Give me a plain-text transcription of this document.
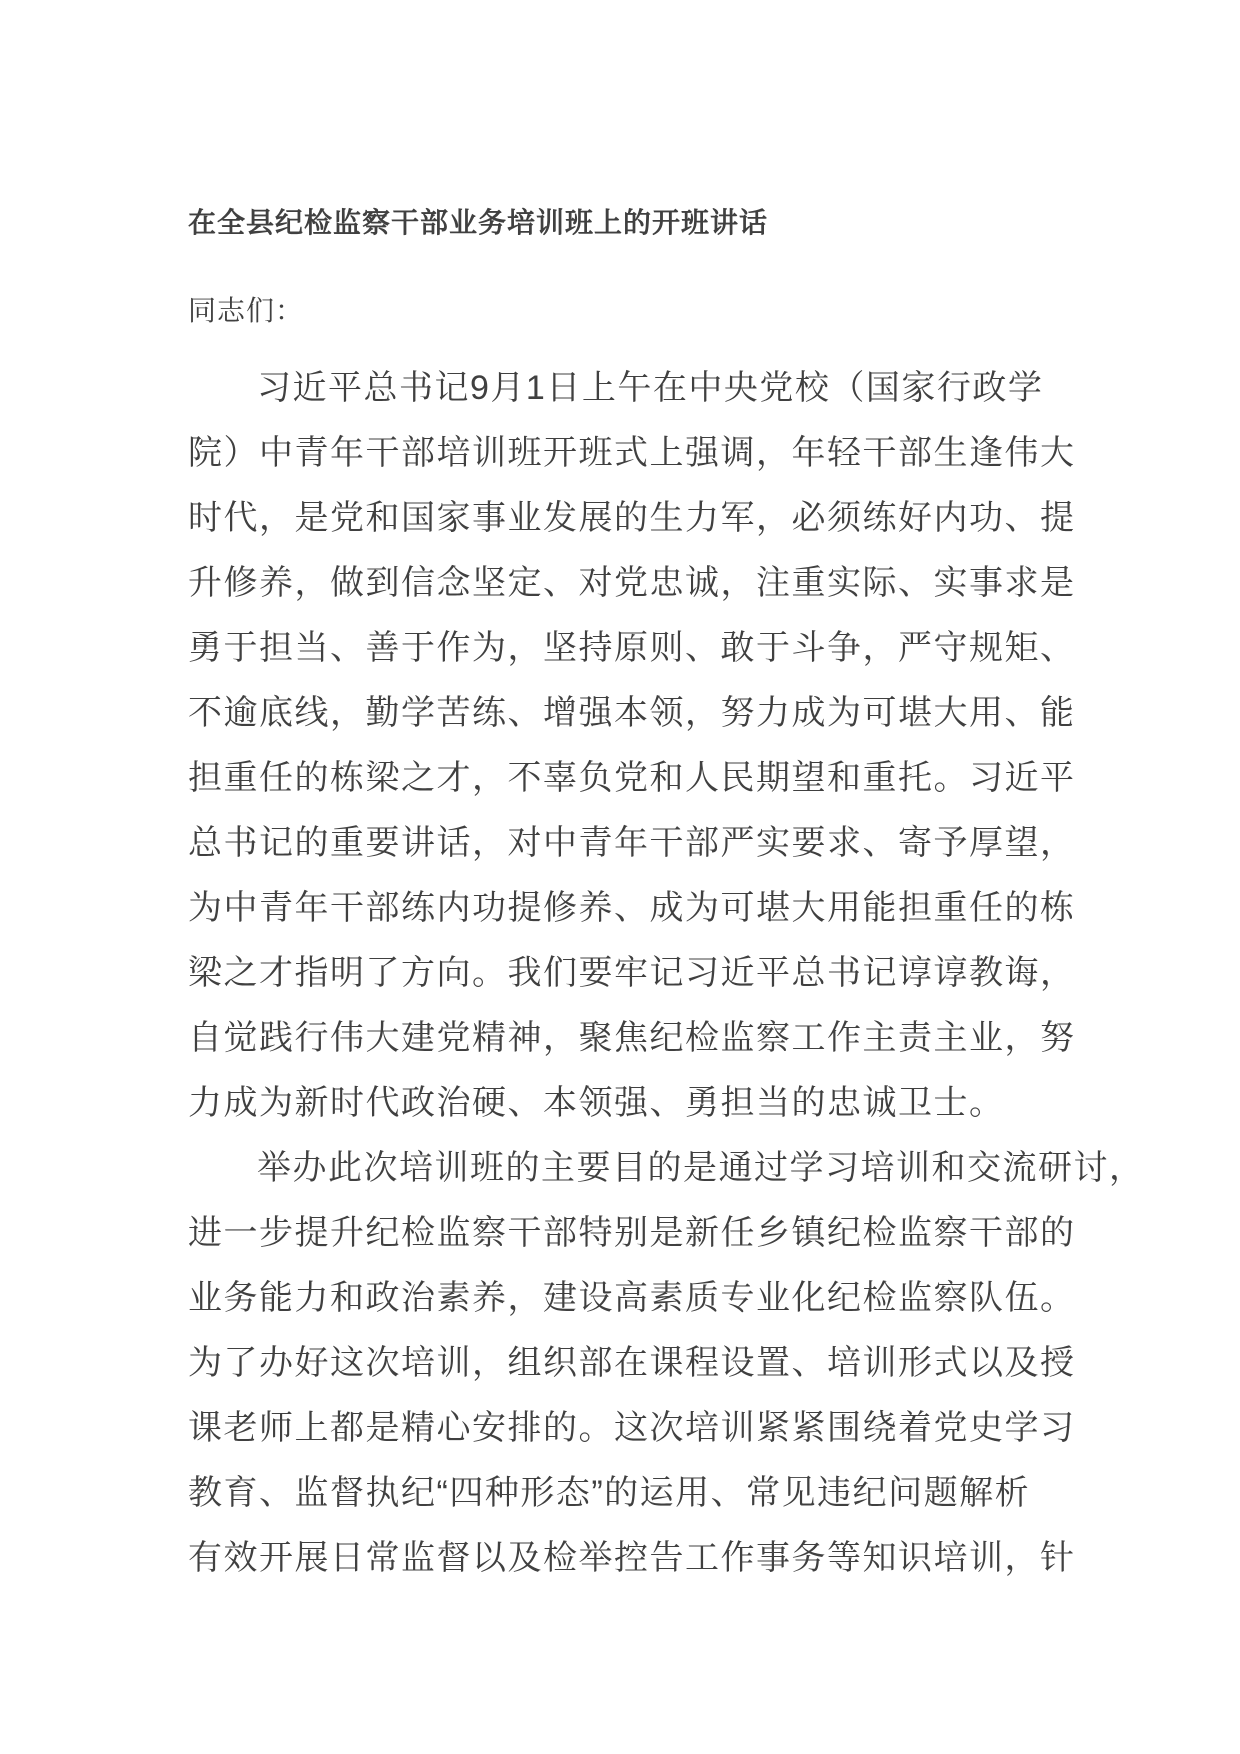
在全县纪检监察干部业务培训班上的开班讲话
同志们：
习近平总书记9月1日上午在中央党校（国家行政学
院）中青年干部培训班开班式上强调，年轻干部生逢伟大
时代，是党和国家事业发展的生力军，必须练好内功、提
升修养，做到信念坚定、对党忠诚，注重实际、实事求是
勇于担当、善于作为，坚持原则、敢于斗争，严守规矩、
不逾底线，勤学苦练、增强本领，努力成为可堪大用、能
担重任的栋梁之才，不辜负党和人民期望和重托。习近平
总书记的重要讲话，对中青年干部严实要求、寄予厚望，
为中青年干部练内功提修养、成为可堪大用能担重任的栋
梁之才指明了方向。我们要牢记习近平总书记谆谆教诲，
自觉践行伟大建党精神，聚焦纪检监察工作主责主业，努
力成为新时代政治硬、本领强、勇担当的忠诚卫士。
举办此次培训班的主要目的是通过学习培训和交流研讨，
进一步提升纪检监察干部特别是新任乡镇纪检监察干部的
业务能力和政治素养，建设高素质专业化纪检监察队伍。
为了办好这次培训，组织部在课程设置、培训形式以及授
课老师上都是精心安排的。这次培训紧紧围绕着党史学习
教育、监督执纪“四种形态”的运用、常见违纪问题解析
有效开展日常监督以及检举控告工作事务等知识培训，针
